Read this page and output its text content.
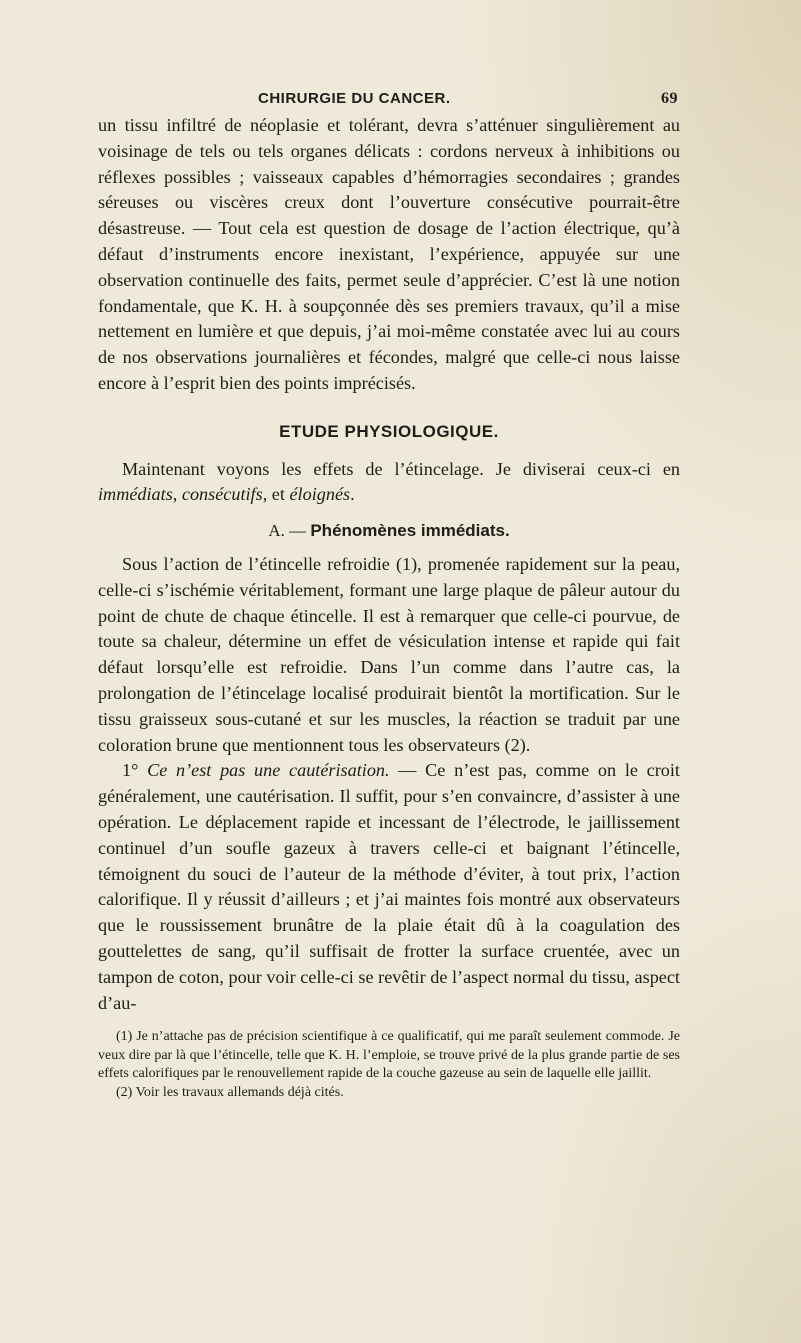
CHIRURGIE DU CANCER.	69

un tissu infiltré de néoplasie et tolérant, devra s’atténuer singulièrement au voisinage de tels ou tels organes délicats : cordons nerveux à inhibitions ou réflexes possibles ; vaisseaux capables d’hémorragies secondaires ; grandes séreuses ou viscères creux dont l’ouverture consécutive pourrait-être désastreuse. — Tout cela est question de dosage de l’action électrique, qu’à défaut d’instruments encore inexistant, l’expérience, appuyée sur une observation continuelle des faits, permet seule d’apprécier. C’est là une notion fondamentale, que K. H. à soupçonnée dès ses premiers travaux, qu’il a mise nettement en lumière et que depuis, j’ai moi-même constatée avec lui au cours de nos observations journalières et fécondes, malgré que celle-ci nous laisse encore à l’esprit bien des points imprécisés.

ETUDE PHYSIOLOGIQUE.

Maintenant voyons les effets de l’étincelage. Je diviserai ceux-ci en immédiats, consécutifs, et éloignés.

A. — Phénomènes immédiats.

Sous l’action de l’étincelle refroidie (1), promenée rapidement sur la peau, celle-ci s’ischémie véritablement, formant une large plaque de pâleur autour du point de chute de chaque étincelle. Il est à remarquer que celle-ci pourvue, de toute sa chaleur, détermine un effet de vésiculation intense et rapide qui fait défaut lorsqu’elle est refroidie. Dans l’un comme dans l’autre cas, la prolongation de l’étincelage localisé produirait bientôt la mortification. Sur le tissu graisseux sous-cutané et sur les muscles, la réaction se traduit par une coloration brune que mentionnent tous les observateurs (2).

1° Ce n’est pas une cautérisation. — Ce n’est pas, comme on le croit généralement, une cautérisation. Il suffit, pour s’en convaincre, d’assister à une opération. Le déplacement rapide et incessant de l’électrode, le jaillissement continuel d’un soufle gazeux à travers celle-ci et baignant l’étincelle, témoignent du souci de l’auteur de la méthode d’éviter, à tout prix, l’action calorifique. Il y réussit d’ailleurs ; et j’ai maintes fois montré aux observateurs que le roussissement brunâtre de la plaie était dû à la coagulation des gouttelettes de sang, qu’il suffisait de frotter la surface cruentée, avec un tampon de coton, pour voir celle-ci se revêtir de l’aspect normal du tissu, aspect d’au-

(1) Je n’attache pas de précision scientifique à ce qualificatif, qui me paraît seulement commode. Je veux dire par là que l’étincelle, telle que K. H. l’emploie, se trouve privé de la plus grande partie de ses effets calorifiques par le renouvellement rapide de la couche gazeuse au sein de laquelle elle jaillit.

(2) Voir les travaux allemands déjà cités.
